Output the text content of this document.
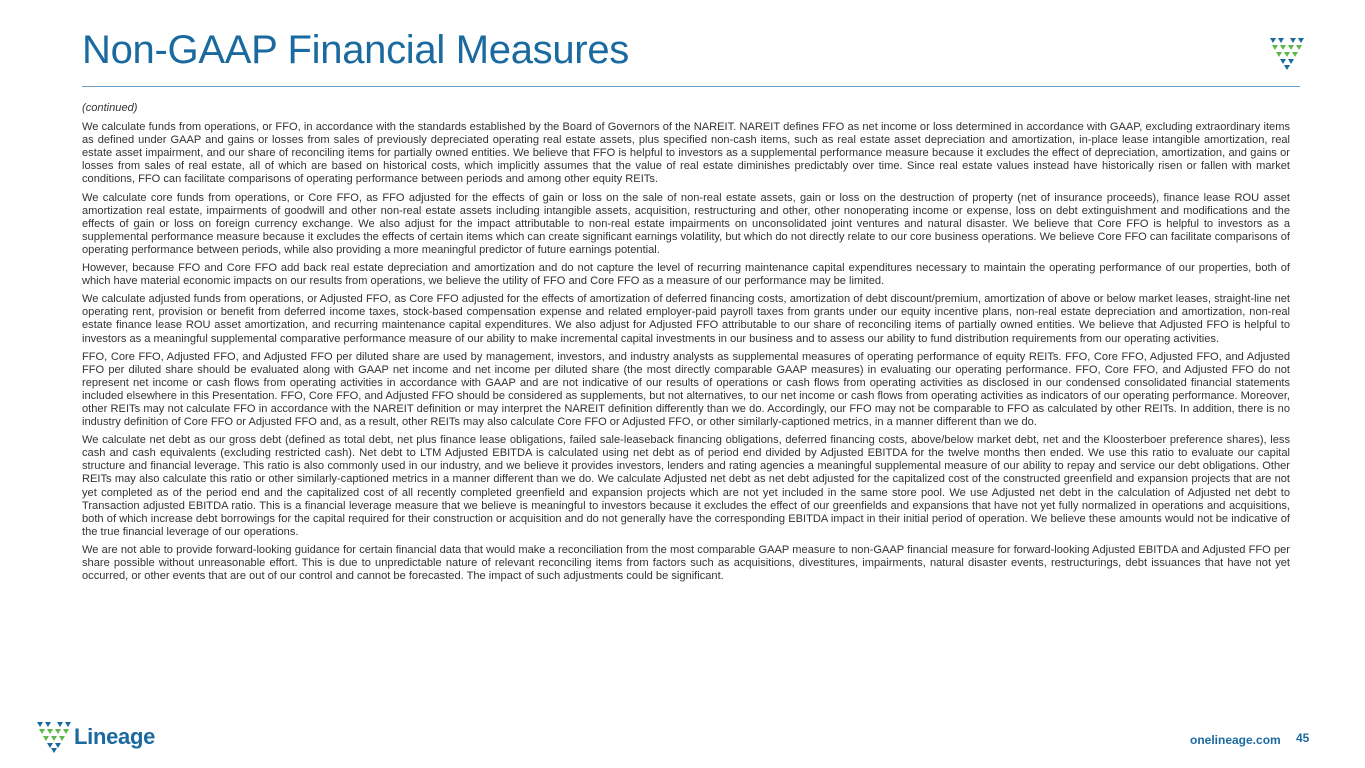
Non-GAAP Financial Measures

(continued)

We calculate funds from operations, or FFO, in accordance with the standards established by the Board of Governors of the NAREIT. NAREIT defines FFO as net income or loss determined in accordance with GAAP, excluding extraordinary items as defined under GAAP and gains or losses from sales of previously depreciated operating real estate assets, plus specified non-cash items, such as real estate asset depreciation and amortization, in-place lease intangible amortization, real estate asset impairment, and our share of reconciling items for partially owned entities. We believe that FFO is helpful to investors as a supplemental performance measure because it excludes the effect of depreciation, amortization, and gains or losses from sales of real estate, all of which are based on historical costs, which implicitly assumes that the value of real estate diminishes predictably over time. Since real estate values instead have historically risen or fallen with market conditions, FFO can facilitate comparisons of operating performance between periods and among other equity REITs.

We calculate core funds from operations, or Core FFO, as FFO adjusted for the effects of gain or loss on the sale of non-real estate assets, gain or loss on the destruction of property (net of insurance proceeds), finance lease ROU asset amortization real estate, impairments of goodwill and other non-real estate assets including intangible assets, acquisition, restructuring and other, other nonoperating income or expense, loss on debt extinguishment and modifications and the effects of gain or loss on foreign currency exchange. We also adjust for the impact attributable to non-real estate impairments on unconsolidated joint ventures and natural disaster. We believe that Core FFO is helpful to investors as a supplemental performance measure because it excludes the effects of certain items which can create significant earnings volatility, but which do not directly relate to our core business operations. We believe Core FFO can facilitate comparisons of operating performance between periods, while also providing a more meaningful predictor of future earnings potential.

However, because FFO and Core FFO add back real estate depreciation and amortization and do not capture the level of recurring maintenance capital expenditures necessary to maintain the operating performance of our properties, both of which have material economic impacts on our results from operations, we believe the utility of FFO and Core FFO as a measure of our performance may be limited.

We calculate adjusted funds from operations, or Adjusted FFO, as Core FFO adjusted for the effects of amortization of deferred financing costs, amortization of debt discount/premium, amortization of above or below market leases, straight-line net operating rent, provision or benefit from deferred income taxes, stock-based compensation expense and related employer-paid payroll taxes from grants under our equity incentive plans, non-real estate depreciation and amortization, non-real estate finance lease ROU asset amortization, and recurring maintenance capital expenditures. We also adjust for Adjusted FFO attributable to our share of reconciling items of partially owned entities. We believe that Adjusted FFO is helpful to investors as a meaningful supplemental comparative performance measure of our ability to make incremental capital investments in our business and to assess our ability to fund distribution requirements from our operating activities.

FFO, Core FFO, Adjusted FFO, and Adjusted FFO per diluted share are used by management, investors, and industry analysts as supplemental measures of operating performance of equity REITs. FFO, Core FFO, Adjusted FFO, and Adjusted FFO per diluted share should be evaluated along with GAAP net income and net income per diluted share (the most directly comparable GAAP measures) in evaluating our operating performance. FFO, Core FFO, and Adjusted FFO do not represent net income or cash flows from operating activities in accordance with GAAP and are not indicative of our results of operations or cash flows from operating activities as disclosed in our condensed consolidated financial statements included elsewhere in this Presentation. FFO, Core FFO, and Adjusted FFO should be considered as supplements, but not alternatives, to our net income or cash flows from operating activities as indicators of our operating performance. Moreover, other REITs may not calculate FFO in accordance with the NAREIT definition or may interpret the NAREIT definition differently than we do. Accordingly, our FFO may not be comparable to FFO as calculated by other REITs. In addition, there is no industry definition of Core FFO or Adjusted FFO and, as a result, other REITs may also calculate Core FFO or Adjusted FFO, or other similarly-captioned metrics, in a manner different than we do.

We calculate net debt as our gross debt (defined as total debt, net plus finance lease obligations, failed sale-leaseback financing obligations, deferred financing costs, above/below market debt, net and the Kloosterboer preference shares), less cash and cash equivalents (excluding restricted cash). Net debt to LTM Adjusted EBITDA is calculated using net debt as of period end divided by Adjusted EBITDA for the twelve months then ended. We use this ratio to evaluate our capital structure and financial leverage. This ratio is also commonly used in our industry, and we believe it provides investors, lenders and rating agencies a meaningful supplemental measure of our ability to repay and service our debt obligations. Other REITs may also calculate this ratio or other similarly-captioned metrics in a manner different than we do. We calculate Adjusted net debt as net debt adjusted for the capitalized cost of the constructed greenfield and expansion projects that are not yet completed as of the period end and the capitalized cost of all recently completed greenfield and expansion projects which are not yet included in the same store pool. We use Adjusted net debt in the calculation of Adjusted net debt to Transaction adjusted EBITDA ratio. This is a financial leverage measure that we believe is meaningful to investors because it excludes the effect of our greenfields and expansions that have not yet fully normalized in operations and acquisitions, both of which increase debt borrowings for the capital required for their construction or acquisition and do not generally have the corresponding EBITDA impact in their initial period of operation. We believe these amounts would not be indicative of the true financial leverage of our operations.

We are not able to provide forward-looking guidance for certain financial data that would make a reconciliation from the most comparable GAAP measure to non-GAAP financial measure for forward-looking Adjusted EBITDA and Adjusted FFO per share possible without unreasonable effort. This is due to unpredictable nature of relevant reconciling items from factors such as acquisitions, divestitures, impairments, natural disaster events, restructurings, debt issuances that have not yet occurred, or other events that are out of our control and cannot be forecasted. The impact of such adjustments could be significant.

Lineage	onelineage.com 45
